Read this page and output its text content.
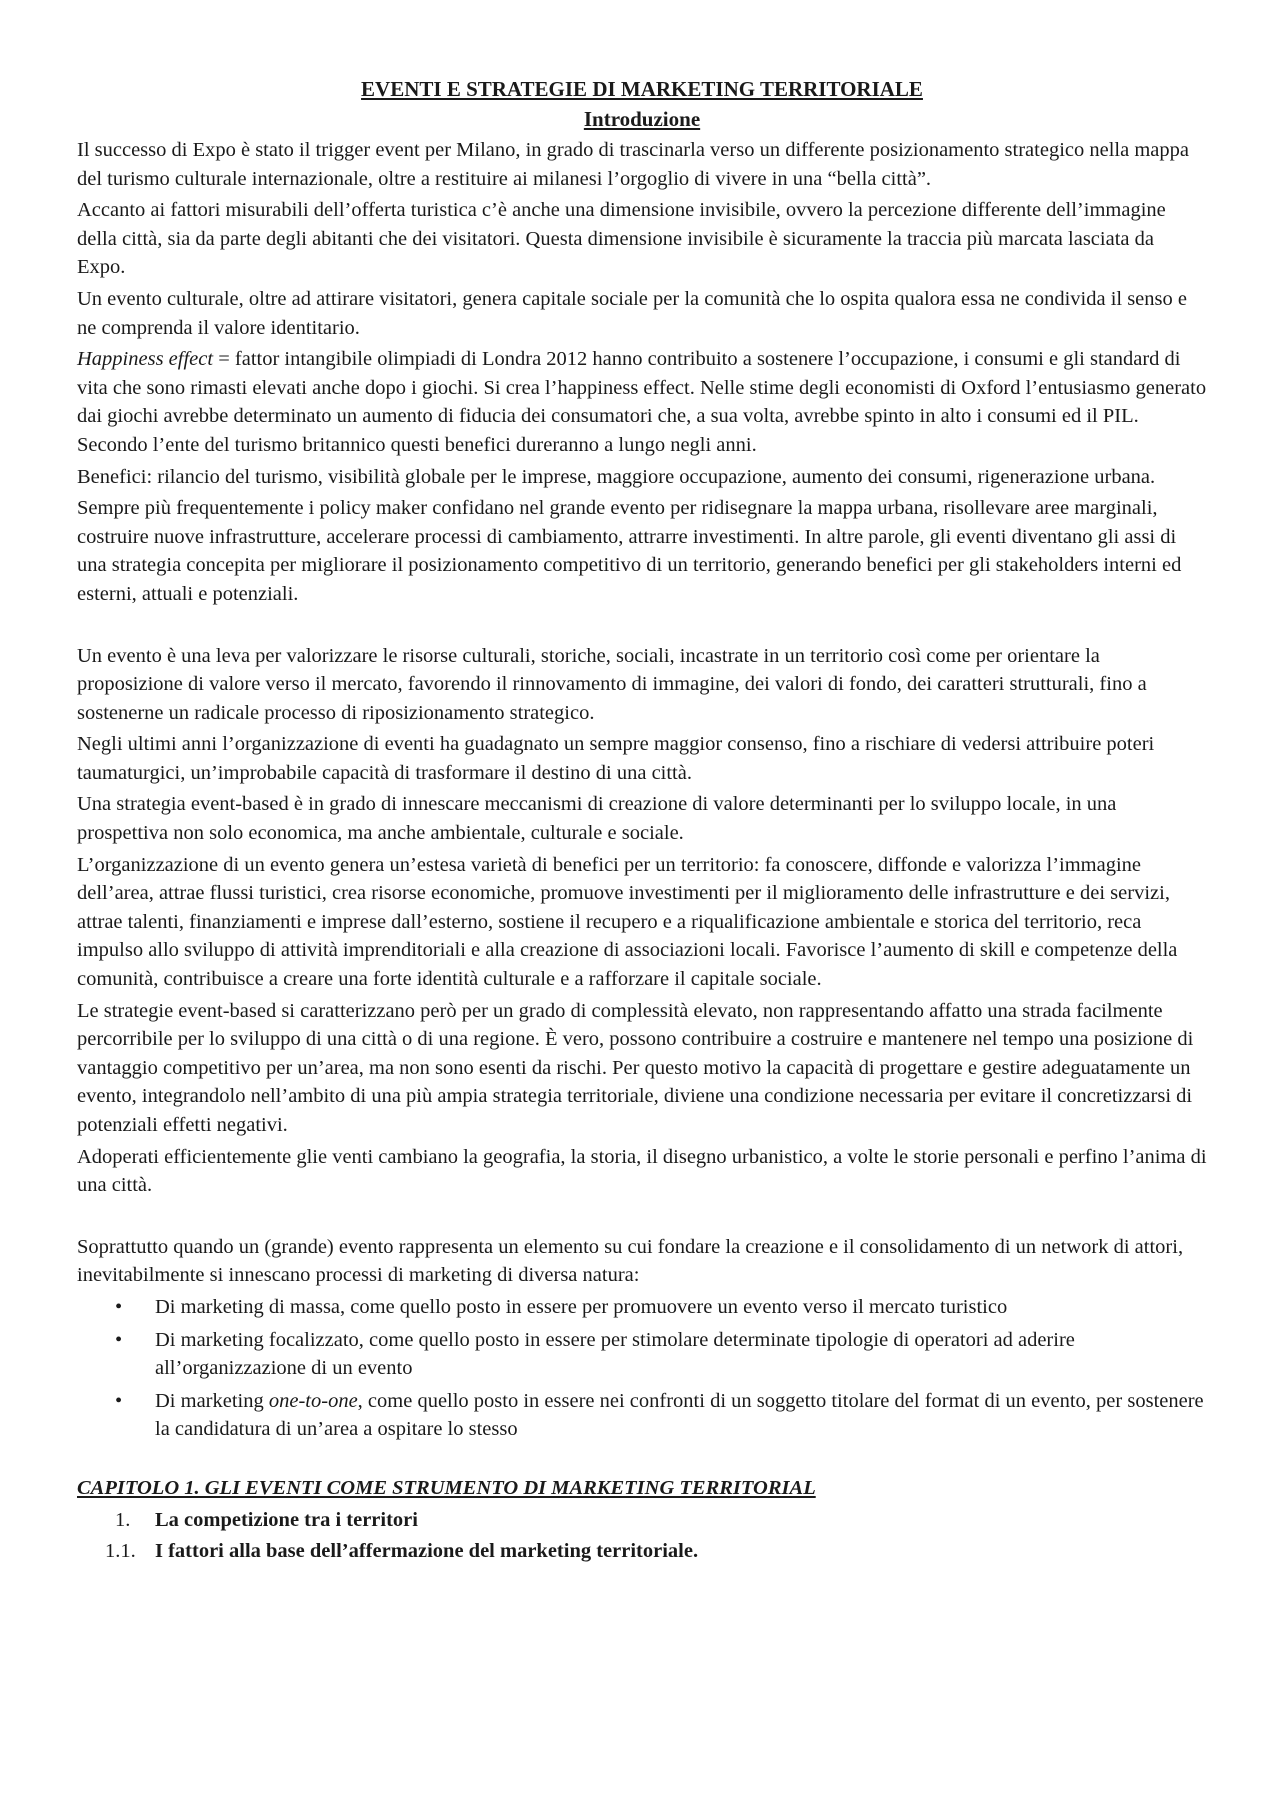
EVENTI E STRATEGIE DI MARKETING TERRITORIALE
Introduzione

Il successo di Expo è stato il trigger event per Milano, in grado di trascinarla verso un differente posizionamento strategico nella mappa del turismo culturale internazionale, oltre a restituire ai milanesi l’orgoglio di vivere in una “bella città”.

Accanto ai fattori misurabili dell’offerta turistica c’è anche una dimensione invisibile, ovvero la percezione differente dell’immagine della città, sia da parte degli abitanti che dei visitatori. Questa dimensione invisibile è sicuramente la traccia più marcata lasciata da Expo.

Un evento culturale, oltre ad attirare visitatori, genera capitale sociale per la comunità che lo ospita qualora essa ne condivida il senso e ne comprenda il valore identitario.

Happiness effect = fattor intangibile olimpiadi di Londra 2012 hanno contribuito a sostenere l’occupazione, i consumi e gli standard di vita che sono rimasti elevati anche dopo i giochi. Si crea l’happiness effect. Nelle stime degli economisti di Oxford l’entusiasmo generato dai giochi avrebbe determinato un aumento di fiducia dei consumatori che, a sua volta, avrebbe spinto in alto i consumi ed il PIL. Secondo l’ente del turismo britannico questi benefici dureranno a lungo negli anni.

Benefici: rilancio del turismo, visibilità globale per le imprese, maggiore occupazione, aumento dei consumi, rigenerazione urbana.

Sempre più frequentemente i policy maker confidano nel grande evento per ridisegnare la mappa urbana, risollevare aree marginali, costruire nuove infrastrutture, accelerare processi di cambiamento, attrarre investimenti. In altre parole, gli eventi diventano gli assi di una strategia concepita per migliorare il posizionamento competitivo di un territorio, generando benefici per gli stakeholders interni ed esterni, attuali e potenziali.

Un evento è una leva per valorizzare le risorse culturali, storiche, sociali, incastrate in un territorio così come per orientare la proposizione di valore verso il mercato, favorendo il rinnovamento di immagine, dei valori di fondo, dei caratteri strutturali, fino a sostenerne un radicale processo di riposizionamento strategico.

Negli ultimi anni l’organizzazione di eventi ha guadagnato un sempre maggior consenso, fino a rischiare di vedersi attribuire poteri taumaturgici, un’improbabile capacità di trasformare il destino di una città.

Una strategia event-based è in grado di innescare meccanismi di creazione di valore determinanti per lo sviluppo locale, in una prospettiva non solo economica, ma anche ambientale, culturale e sociale.

L’organizzazione di un evento genera un’estesa varietà di benefici per un territorio: fa conoscere, diffonde e valorizza l’immagine dell’area, attrae flussi turistici, crea risorse economiche, promuove investimenti per il miglioramento delle infrastrutture e dei servizi, attrae talenti, finanziamenti e imprese dall’esterno, sostiene il recupero e a riqualificazione ambientale e storica del territorio, reca impulso allo sviluppo di attività imprenditoriali e alla creazione di associazioni locali. Favorisce l’aumento di skill e competenze della comunità, contribuisce a creare una forte identità culturale e a rafforzare il capitale sociale.

Le strategie event-based si caratterizzano però per un grado di complessità elevato, non rappresentando affatto una strada facilmente percorribile per lo sviluppo di una città o di una regione. È vero, possono contribuire a costruire e mantenere nel tempo una posizione di vantaggio competitivo per un’area, ma non sono esenti da rischi. Per questo motivo la capacità di progettare e gestire adeguatamente un evento, integrandolo nell’ambito di una più ampia strategia territoriale, diviene una condizione necessaria per evitare il concretizzarsi di potenziali effetti negativi.

Adoperati efficientemente glie venti cambiano la geografia, la storia, il disegno urbanistico, a volte le storie personali e perfino l’anima di una città.

Soprattutto quando un (grande) evento rappresenta un elemento su cui fondare la creazione e il consolidamento di un network di attori, inevitabilmente si innescano processi di marketing di diversa natura:

• Di marketing di massa, come quello posto in essere per promuovere un evento verso il mercato turistico
• Di marketing focalizzato, come quello posto in essere per stimolare determinate tipologie di operatori ad aderire all’organizzazione di un evento
• Di marketing one-to-one, come quello posto in essere nei confronti di un soggetto titolare del format di un evento, per sostenere la candidatura di un’area a ospitare lo stesso
CAPITOLO 1. GLI EVENTI COME STRUMENTO DI MARKETING TERRITORIAL
1. La competizione tra i territori
1.1. I fattori alla base dell’affermazione del marketing territoriale.
